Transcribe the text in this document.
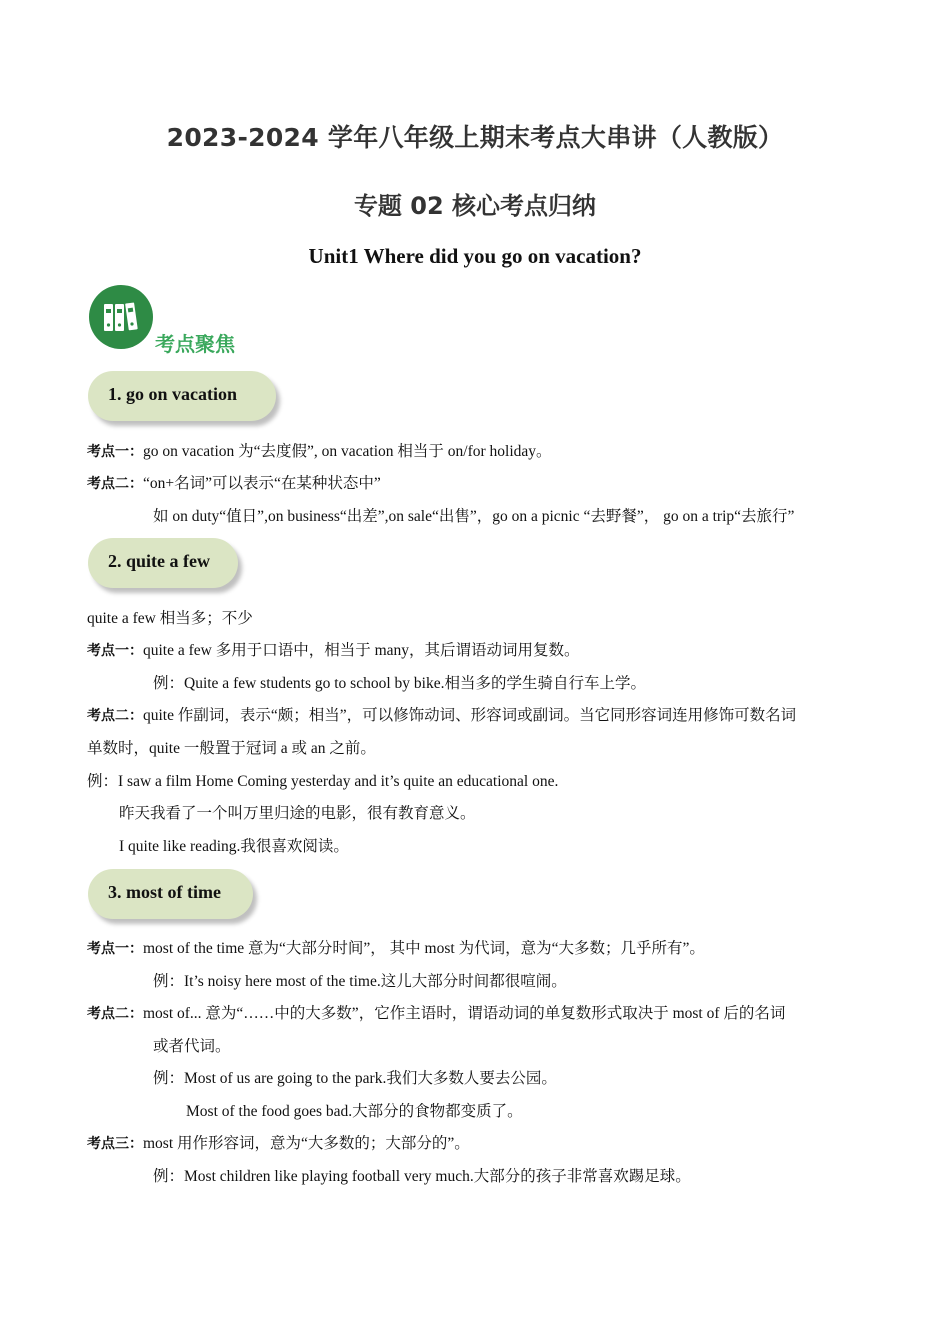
2023-2024 学年八年级上期末考点大串讲（人教版）
专题 02 核心考点归纳
Unit1 Where did you go on vacation?
考点聚焦
1. go on vacation
考点一：go on vacation 为“去度假”, on vacation 相当于 on/for holiday。
考点二：“on+名词”可以表示“在某种状态中”
如 on duty“值日”,on business“出差”,on sale“出售”，go on a picnic “去野餐”， go on a trip“去旅行”
2. quite a few
quite a few 相当多；不少
考点一：quite a few 多用于口语中，相当于 many，其后谓语动词用复数。
例：Quite a few students go to school by bike.相当多的学生骑自行车上学。
考点二：quite 作副词，表示“颇；相当”，可以修饰动词、形容词或副词。当它同形容词连用修饰可数名词
单数时，quite 一般置于冠词 a 或 an 之前。
例：I saw a film Home Coming yesterday and it’s quite an educational one.
昨天我看了一个叫万里归途的电影，很有教育意义。
I quite like reading.我很喜欢阅读。
3. most of time
考点一：most of the time 意为“大部分时间”， 其中 most 为代词，意为“大多数；几乎所有”。
例：It’s noisy here most of the time.这儿大部分时间都很喧闹。
考点二：most of... 意为“……中的大多数”，它作主语时，谓语动词的单复数形式取决于 most of 后的名词
或者代词。
例：Most of us are going to the park.我们大多数人要去公园。
Most of the food goes bad.大部分的食物都变质了。
考点三：most 用作形容词，意为“大多数的；大部分的”。
例：Most children like playing football very much.大部分的孩子非常喜欢踢足球。
